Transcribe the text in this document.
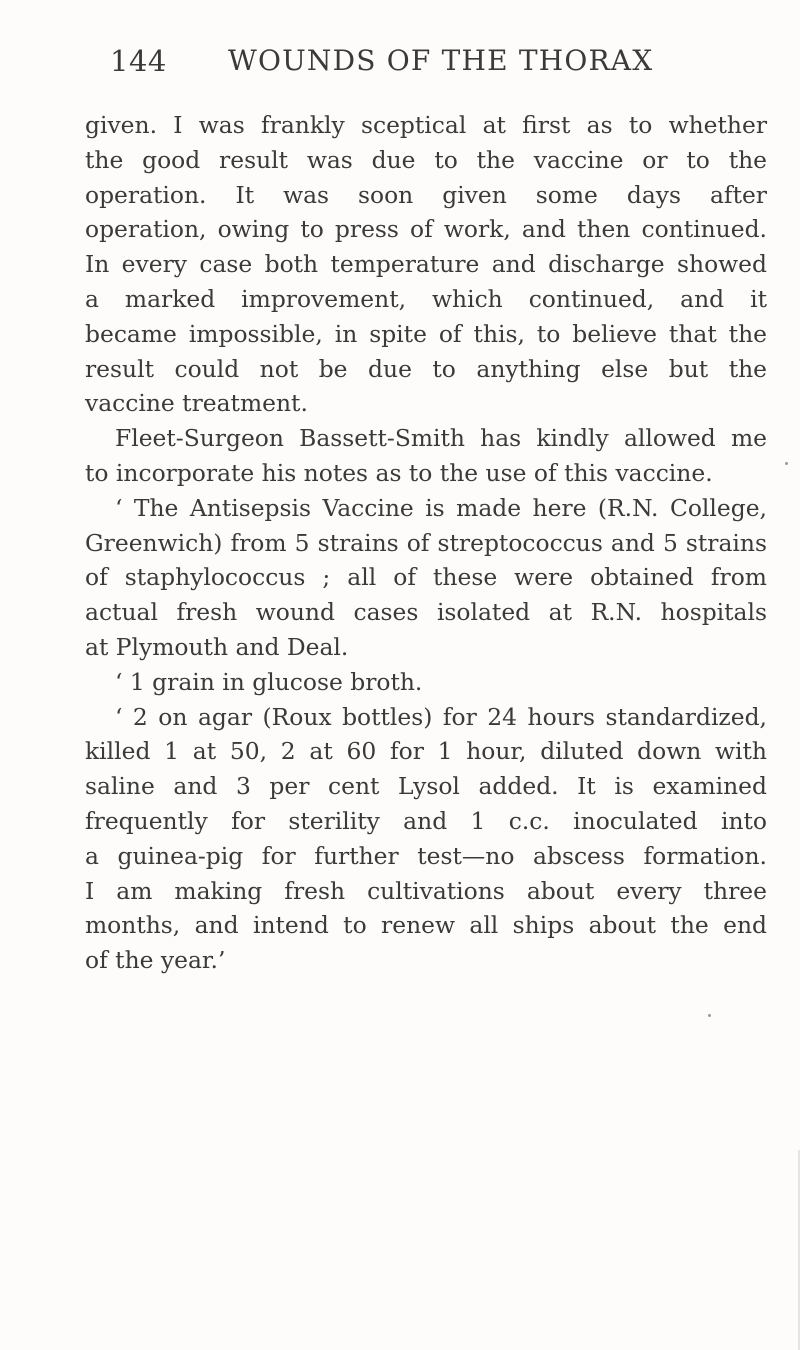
144 WOUNDS OF THE THORAX
given. I was frankly sceptical at first as to whether
the good result was due to the vaccine or to the
operation. It was soon given some days after
operation, owing to press of work, and then continued.
In every case both temperature and discharge showed
a marked improvement, which continued, and it
became impossible, in spite of this, to believe that the
result could not be due to anything else but the
vaccine treatment.
Fleet-Surgeon Bassett-Smith has kindly allowed me
to incorporate his notes as to the use of this vaccine.
‘ The Antisepsis Vaccine is made here (R.N. College,
Greenwich) from 5 strains of streptococcus and 5 strains
of staphylococcus ; all of these were obtained from
actual fresh wound cases isolated at R.N. hospitals
at Plymouth and Deal.
‘ 1 grain in glucose broth.
‘ 2 on agar (Roux bottles) for 24 hours standardized,
killed 1 at 50, 2 at 60 for 1 hour, diluted down with
saline and 3 per cent Lysol added. It is examined
frequently for sterility and 1 c.c. inoculated into
a guinea-pig for further test—no abscess formation.
I am making fresh cultivations about every three
months, and intend to renew all ships about the end
of the year.’
